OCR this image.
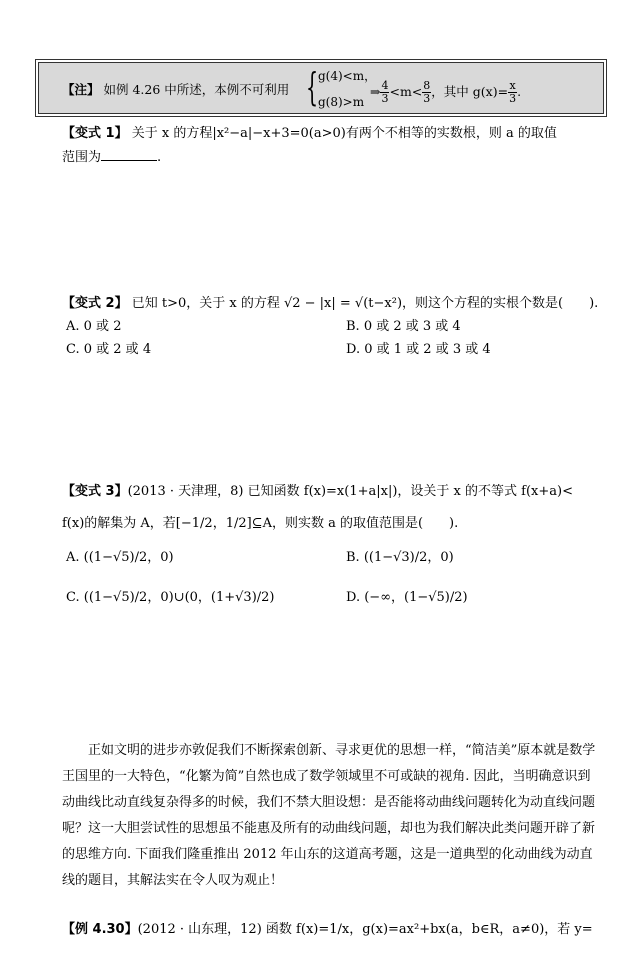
【注】 如例 4.26 中所述，本例不可利用 { g(4)<m，
g(8)>m
⇒ $\frac{4}{3} <m< \frac{8}{3}$ ，其中 $g(x)= \frac{x}{3}$ .
【变式 1】 关于 x 的方程|x²−a|−x+3=0(a>0)有两个不相等的实数根，则 a 的取值
范围为	.
【变式 2】 已知 t>0，关于 x 的方程 √2 − |x| = √(t−x²)，则这个方程的实根个数是(　　).
A. 0 或 2	B. 0 或 2 或 3 或 4
C. 0 或 2 或 4	D. 0 或 1 或 2 或 3 或 4
【变式 3】(2013 · 天津理，8) 已知函数 f(x)=x(1+a|x|)，设关于 x 的不等式 f(x+a)<
f(x)的解集为 A，若[−1/2，1/2]⊆A，则实数 a 的取值范围是(　　).
A. ((1−√5)/2，0)	B. ((1−√3)/2，0)
C. ((1−√5)/2，0)∪(0，(1+√3)/2)	D. (−∞，(1−√5)/2)
正如文明的进步亦敦促我们不断探索创新、寻求更优的思想一样，“简洁美”原本就是数学王国里的一大特色，“化繁为简”自然也成了数学领域里不可或缺的视角. 因此，当明确意识到动曲线比动直线复杂得多的时候，我们不禁大胆设想：是否能将动曲线问题转化为动直线问题呢？这一大胆尝试性的思想虽不能惠及所有的动曲线问题，却也为我们解决此类问题开辟了新的思维方向. 下面我们隆重推出 2012 年山东的这道高考题，这是一道典型的化动曲线为动直线的题目，其解法实在令人叹为观止！
【例 4.30】(2012 · 山东理，12) 函数 f(x)=1/x，g(x)=ax²+bx(a，b∈R，a≠0)，若 y=
